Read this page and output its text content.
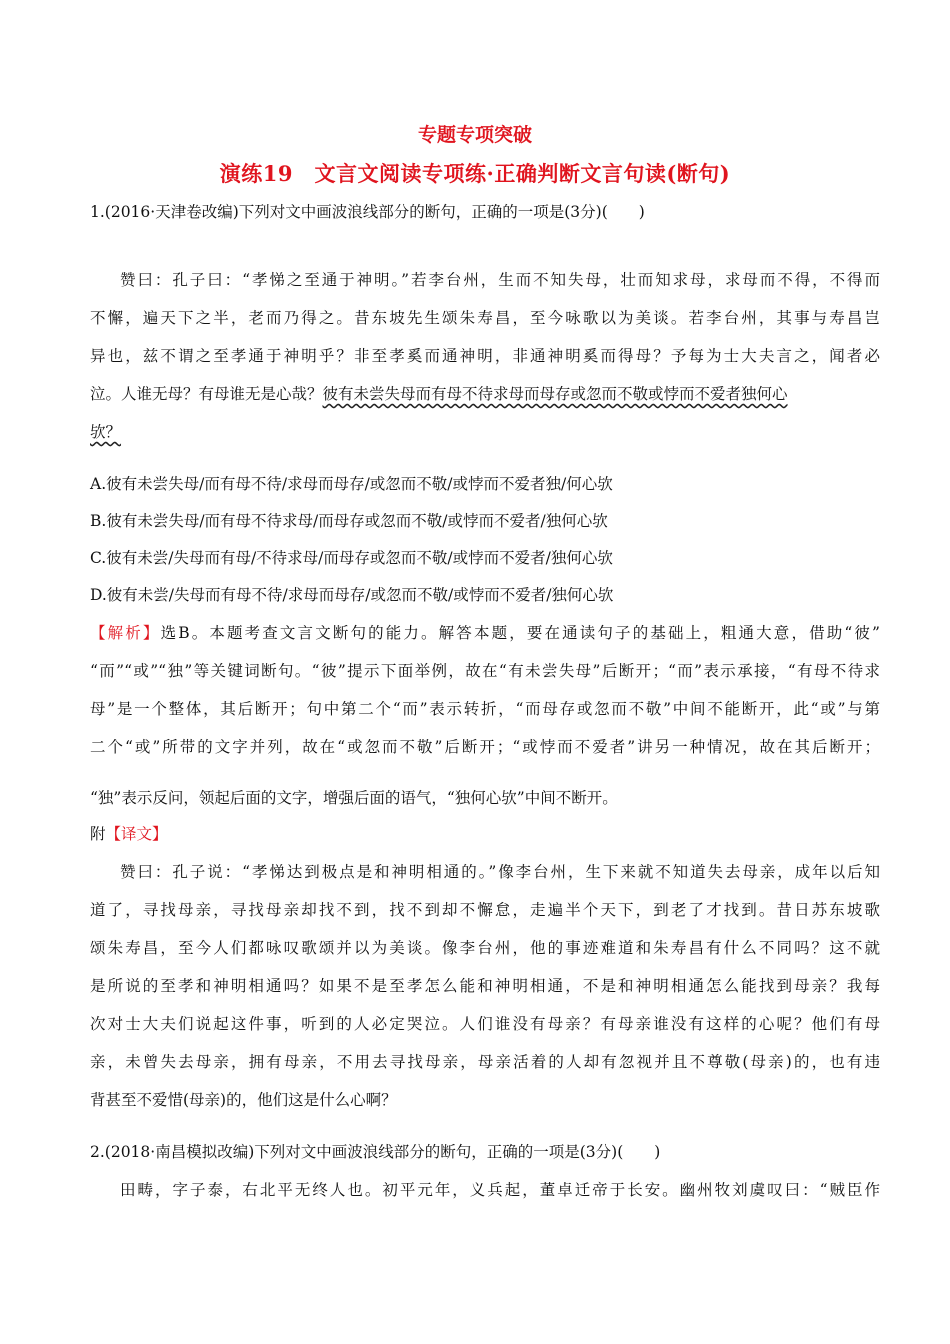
专题专项突破
演练19　文言文阅读专项练·正确判断文言句读(断句)
1.(2016·天津卷改编)下列对文中画波浪线部分的断句，正确的一项是(3分)(　　)
赞曰：孔子曰：“孝悌之至通于神明。”若李台州，生而不知失母，壮而知求母，求母而不得，不得而
不懈，遍天下之半，老而乃得之。昔东坡先生颂朱寿昌，至今咏歌以为美谈。若李台州，其事与寿昌岂
异也，兹不谓之至孝通于神明乎？非至孝奚而通神明，非通神明奚而得母？予每为士大夫言之，闻者必
泣。人谁无母？有母谁无是心哉？彼有未尝失母而有母不待求母而母存或忽而不敬或悖而不爱者独何心
欤？
A.彼有未尝失母/而有母不待/求母而母存/或忽而不敬/或悖而不爱者独/何心欤
B.彼有未尝失母/而有母不待求母/而母存或忽而不敬/或悖而不爱者/独何心欤
C.彼有未尝/失母而有母/不待求母/而母存或忽而不敬/或悖而不爱者/独何心欤
D.彼有未尝/失母而有母不待/求母而母存/或忽而不敬/或悖而不爱者/独何心欤
【解析】选B。本题考查文言文断句的能力。解答本题，要在通读句子的基础上，粗通大意，借助“彼”
“而”“或”“独”等关键词断句。“彼”提示下面举例，故在“有未尝失母”后断开；“而”表示承接，“有母不待求
母”是一个整体，其后断开；句中第二个“而”表示转折，“而母存或忽而不敬”中间不能断开，此“或”与第
二个“或”所带的文字并列，故在“或忽而不敬”后断开；“或悖而不爱者”讲另一种情况，故在其后断开；
“独”表示反问，领起后面的文字，增强后面的语气，“独何心欤”中间不断开。
附【译文】
赞曰：孔子说：“孝悌达到极点是和神明相通的。”像李台州，生下来就不知道失去母亲，成年以后知
道了，寻找母亲，寻找母亲却找不到，找不到却不懈怠，走遍半个天下，到老了才找到。昔日苏东坡歌
颂朱寿昌，至今人们都咏叹歌颂并以为美谈。像李台州，他的事迹难道和朱寿昌有什么不同吗？这不就
是所说的至孝和神明相通吗？如果不是至孝怎么能和神明相通，不是和神明相通怎么能找到母亲？我每
次对士大夫们说起这件事，听到的人必定哭泣。人们谁没有母亲？有母亲谁没有这样的心呢？他们有母
亲，未曾失去母亲，拥有母亲，不用去寻找母亲，母亲活着的人却有忽视并且不尊敬(母亲)的，也有违
背甚至不爱惜(母亲)的，他们这是什么心啊？
2.(2018·南昌模拟改编)下列对文中画波浪线部分的断句，正确的一项是(3分)(　　)
田畴，字子泰，右北平无终人也。初平元年，义兵起，董卓迁帝于长安。幽州牧刘虞叹曰：“贼臣作
